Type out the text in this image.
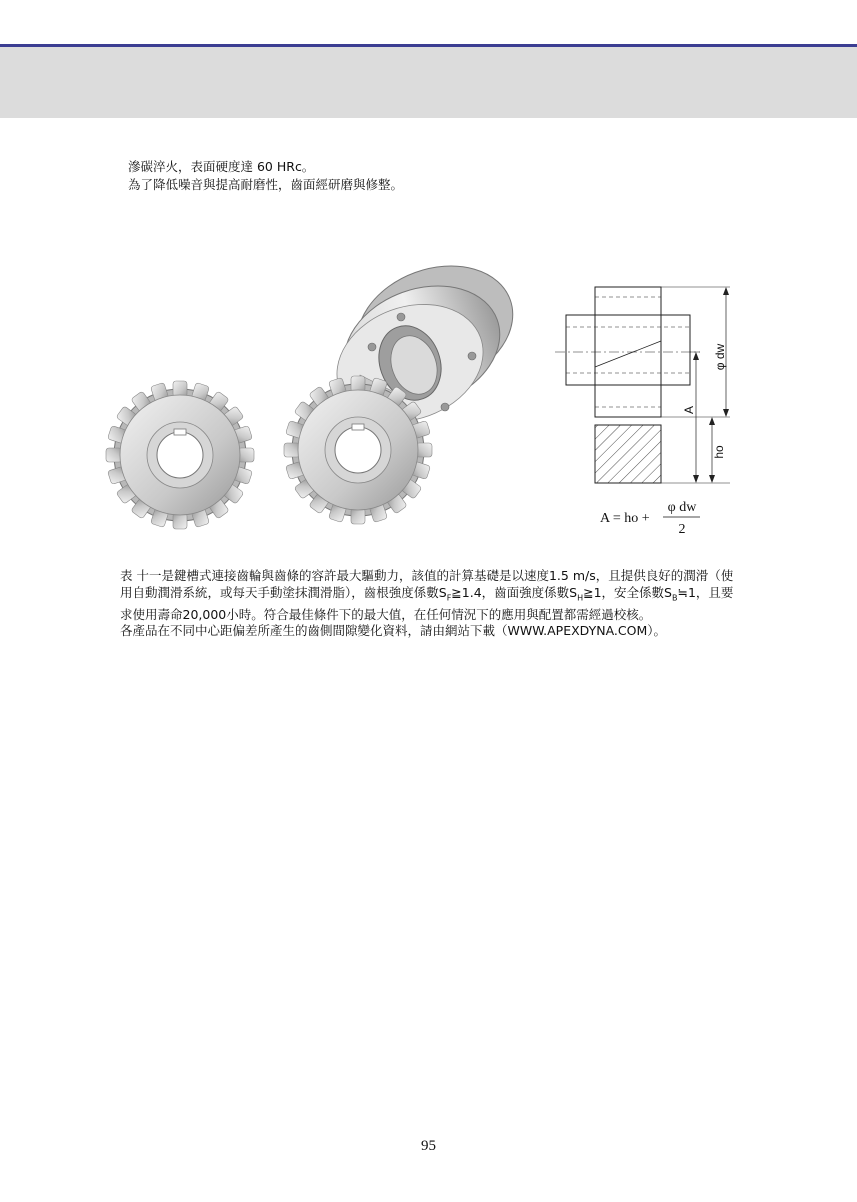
滲碳淬火，表面硬度達 60 HRc。
為了降低噪音與提高耐磨性，齒面經研磨與修整。
φ dw
A
ho
A = ho +
φ dw
2

表 十一是鍵槽式連接齒輪與齒條的容許最大驅動力，該值的計算基礎是以速度1.5 m/s，且提供良好的潤滑（使用自動潤滑系統，或每天手動塗抹潤滑脂），齒根強度係數$S_F≧1.4$，齒面強度係數$S_H≧1$，安全係數$S_B≒1$，且要求使用壽命20,000小時。符合最佳條件下的最大值，在任何情況下的應用與配置都需經過校核。

各產品在不同中心距偏差所產生的齒側間隙變化資料，請由網站下載（WWW.APEXDYNA.COM）。

95
